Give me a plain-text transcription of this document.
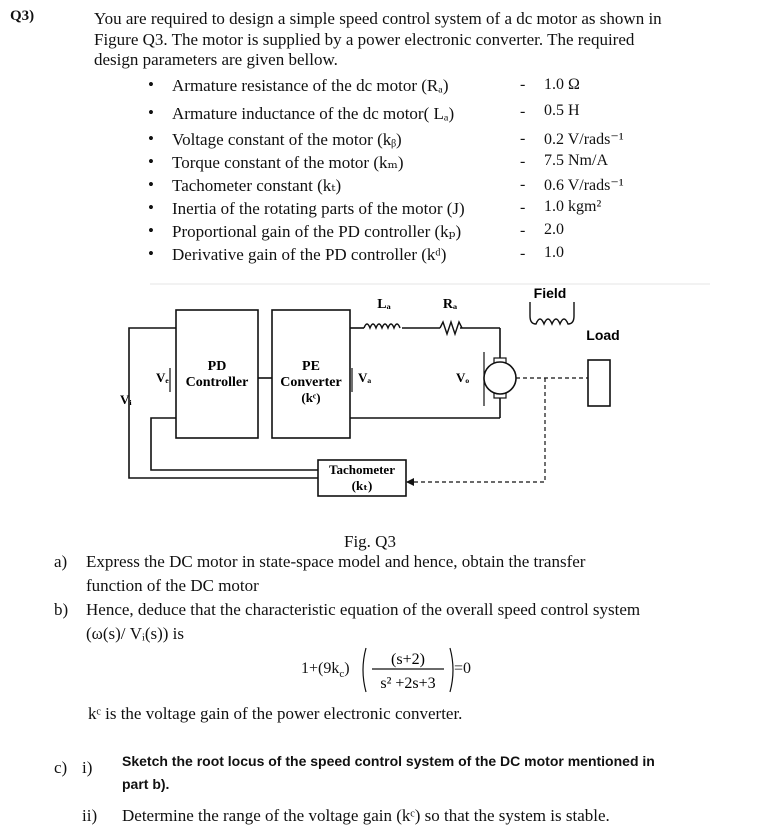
Q3)	You are required to design a simple speed control system of a dc motor as shown in
Figure Q3. The motor is supplied by a power electronic converter. The required
design parameters are given bellow.
• Armature resistance of the dc motor (Rₐ)	- 1.0 Ω
• Armature inductance of the dc motor( Lₐ)	- 0.5 H
• Voltage constant of the motor (kᵦ)	- 0.2 V/rads⁻¹
• Torque constant of the motor (kₘ)	- 7.5 Nm/A
• Tachometer constant (kₜ)	- 0.6 V/rads⁻¹
• Inertia of the rotating parts of the motor (J)	- 1.0 kgm²
• Proportional gain of the PD controller (kₚ)	- 2.0
• Derivative gain of the PD controller (kᵈ)	- 1.0
PD
Controller
PE
Converter
(kᶜ)
Tachometer
(kₜ)
Vᵢ
Vₑ	Vₐ	Vₒ
Lₐ	Rₐ
Load
Field
Fig. Q3
a) Express the DC motor in state-space model and hence, obtain the transfer
function of the DC motor
b) Hence, deduce that the characteristic equation of the overall speed control system
(ω(s)/ Vᵢ(s)) is
$1+(9k_c)$
(s+2)
s² +2s+3
=0
kᶜ is the voltage gain of the power electronic converter.
c) i) Sketch the root locus of the speed control system of the DC motor mentioned in
part b).
ii) Determine the range of the voltage gain (kᶜ) so that the system is stable.
